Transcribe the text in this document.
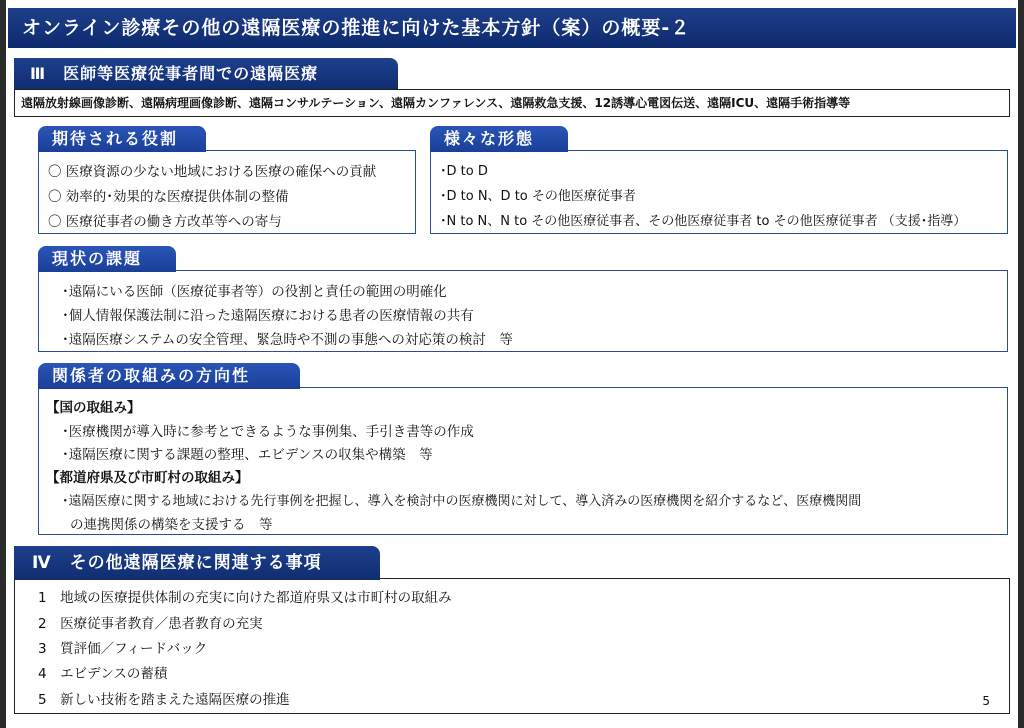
オンライン診療その他の遠隔医療の推進に向けた基本方針（案）の概要-２
Ⅲ　医師等医療従事者間での遠隔医療
遠隔放射線画像診断、遠隔病理画像診断、遠隔コンサルテーション、遠隔カンファレンス、遠隔救急支援、12誘導心電図伝送、遠隔ICU、遠隔手術指導等
期待される役割
〇 医療資源の少ない地域における医療の確保への貢献
〇 効率的･効果的な医療提供体制の整備
〇 医療従事者の働き方改革等への寄与
様々な形態
･D to D
･D to N、D to その他医療従事者
･N to N、N to その他医療従事者、その他医療従事者 to その他医療従事者 （支援･指導）
現状の課題
･遠隔にいる医師（医療従事者等）の役割と責任の範囲の明確化
･個人情報保護法制に沿った遠隔医療における患者の医療情報の共有
･遠隔医療システムの安全管理、緊急時や不測の事態への対応策の検討　等
関係者の取組みの方向性
【国の取組み】
･医療機関が導入時に参考とできるような事例集、手引き書等の作成
･遠隔医療に関する課題の整理、エビデンスの収集や構築　等
【都道府県及び市町村の取組み】
･遠隔医療に関する地域における先行事例を把握し、導入を検討中の医療機関に対して、導入済みの医療機関を紹介するなど、医療機関間
の連携関係の構築を支援する　等
Ⅳ　その他遠隔医療に関連する事項
1　地域の医療提供体制の充実に向けた都道府県又は市町村の取組み
2　医療従事者教育／患者教育の充実
3　質評価／フィードバック
4　エビデンスの蓄積
5　新しい技術を踏まえた遠隔医療の推進	5
